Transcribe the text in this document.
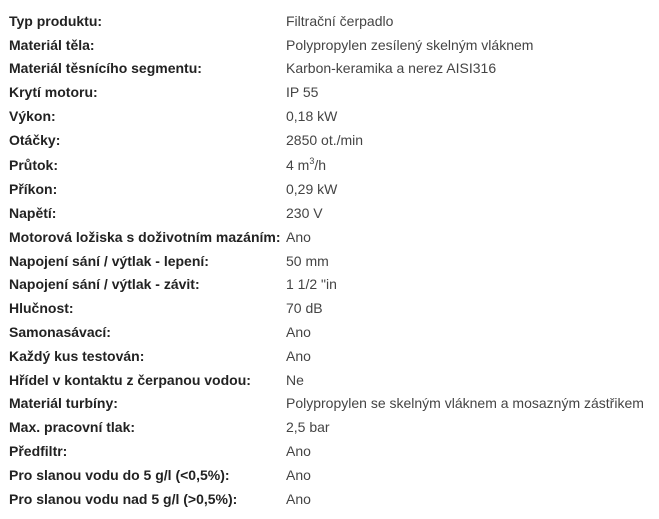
Typ produktu:	Filtrační čerpadlo
Materiál těla:	Polypropylen zesílený skelným vláknem
Materiál těsnícího segmentu:	Karbon-keramika a nerez AISI316
Krytí motoru:	IP 55
Výkon:	0,18 kW
Otáčky:	2850 ot./min
Průtok:	4 $m^3/h$
Příkon:	0,29 kW
Napětí:	230 V
Motorová ložiska s doživotním mazáním: Ano
Napojení sání / výtlak - lepení:	50 mm
Napojení sání / výtlak - závit:	1 1/2 "in
Hlučnost:	70 dB
Samonasávací:	Ano
Každý kus testován:	Ano
Hřídel v kontaktu z čerpanou vodou:	Ne
Materiál turbíny:	Polypropylen se skelným vláknem a mosazným zástřikem
Max. pracovní tlak:	2,5 bar
Předfiltr:	Ano
Pro slanou vodu do 5 g/l (<0,5%):	Ano
Pro slanou vodu nad 5 g/l (>0,5%):	Ano
